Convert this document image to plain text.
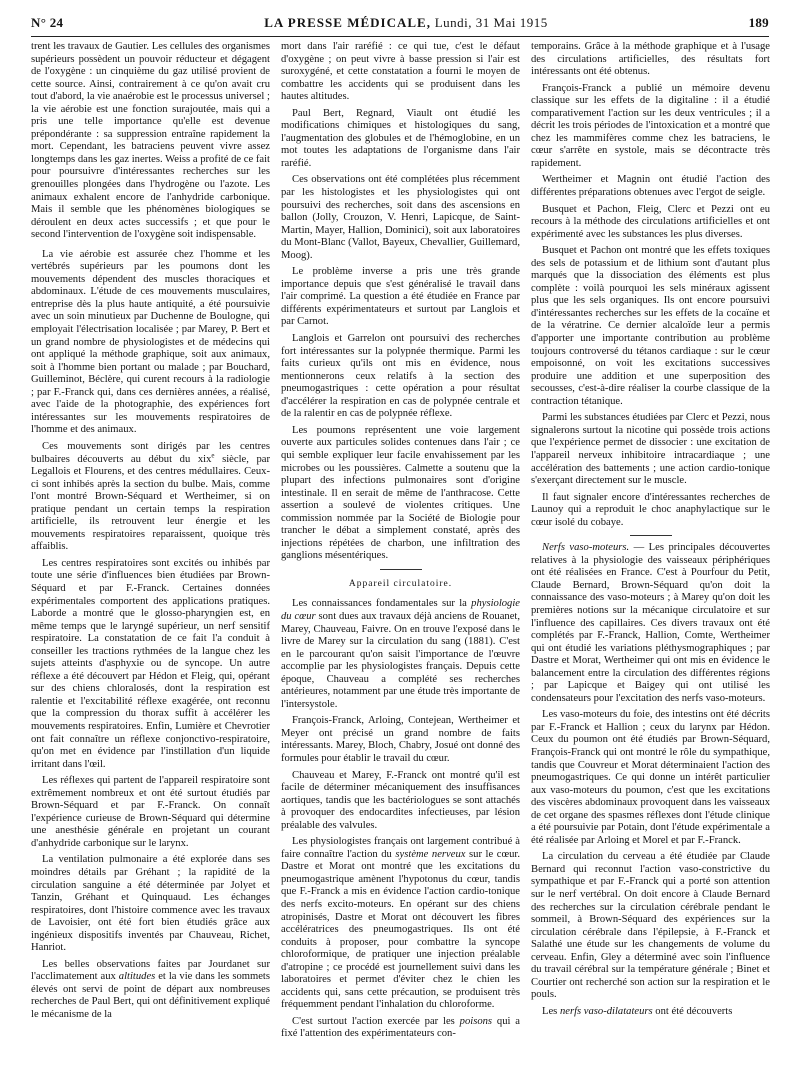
N° 24	LA PRESSE MÉDICALE, Lundi, 31 Mai 1915	189

trent les travaux de Gautier. Les cellules des organismes supérieurs possèdent un pouvoir réducteur et dégagent de l'oxygène : un cinquième du gaz utilisé provient de cette source. Ainsi, contrairement à ce qu'on avait cru tout d'abord, la vie anaérobie est le processus universel ; la vie aérobie est une fonction surajoutée, mais qui a pris une telle importance qu'elle est devenue prépondérante : sa suppression entraîne rapidement la mort. Cependant, les batraciens peuvent vivre assez longtemps dans les gaz inertes. Weiss a profité de ce fait pour poursuivre d'intéressantes recherches sur les grenouilles plongées dans l'hydrogène ou l'azote. Les animaux exhalent encore de l'anhydride carbonique. Mais il semble que les phénomènes biologiques se déroulent en deux actes successifs ; et que pour le second l'intervention de l'oxygène soit indispensable.

La vie aérobie est assurée chez l'homme et les vertébrés supérieurs par les poumons dont les mouvements dépendent des muscles thoraciques et abdominaux. L'étude de ces mouvements musculaires, entreprise dès la plus haute antiquité, a été poursuivie avec un soin minutieux par Duchenne de Boulogne, qui employait l'électrisation localisée ; par Marey, P. Bert et un grand nombre de physiologistes et de médecins qui ont appliqué la méthode graphique, soit aux animaux, soit à l'homme bien portant ou malade ; par Bouchard, Guilleminot, Béclère, qui curent recours à la radiologie ; par F.-Franck qui, dans ces dernières années, a réalisé, avec l'aide de la photographie, des expériences fort intéressantes sur les mouvements respiratoires de l'homme et des animaux.

Ces mouvements sont dirigés par les centres bulbaires découverts au début du xix$^e$ siècle, par Legallois et Flourens, et des centres médullaires. Ceux-ci sont inhibés après la section du bulbe. Mais, comme l'ont montré Brown-Séquard et Wertheimer, si on pratique pendant un certain temps la respiration artificielle, ils retrouvent leur énergie et les mouvements respiratoires reparaissent, quoique très affaiblis.

Les centres respiratoires sont excités ou inhibés par toute une série d'influences bien étudiées par Brown-Séquard et par F.-Franck. Certaines données expérimentales comportent des applications pratiques. Laborde a montré que le glosso-pharyngien est, en même temps que le laryngé supérieur, un nerf sensitif respiratoire. La constatation de ce fait l'a conduit à conseiller les tractions rythmées de la langue chez les sujets atteints d'asphyxie ou de syncope. Un autre réflexe a été découvert par Hédon et Fleig, qui, opérant sur des chiens chloralosés, dont la respiration est ralentie et l'excitabilité réflexe exagérée, ont reconnu que la compression du thorax suffit à accélérer les mouvements respiratoires. Enfin, Lumière et Chevrotier ont fait connaître un réflexe conjonctivo-respiratoire, qu'on met en évidence par l'instillation d'un liquide irritant dans l'œil.

Les réflexes qui partent de l'appareil respiratoire sont extrêmement nombreux et ont été surtout étudiés par Brown-Séquard et par F.-Franck. On connaît l'expérience curieuse de Brown-Séquard qui détermine une anesthésie générale en projetant un courant d'anhydride carbonique sur le larynx.

La ventilation pulmonaire a été explorée dans ses moindres détails par Gréhant ; la rapidité de la circulation sanguine a été déterminée par Jolyet et Tanzin, Gréhant et Quinquaud. Les échanges respiratoires, dont l'histoire commence avec les travaux de Lavoisier, ont été fort bien étudiés grâce aux ingénieux dispositifs inventés par Chauveau, Richet, Hanriot.

Les belles observations faites par Jourdanet sur l'acclimatement aux altitudes et la vie dans les sommets élevés ont servi de point de départ aux nombreuses recherches de Paul Bert, qui ont définitivement expliqué le mécanisme de la

mort dans l'air raréfié : ce qui tue, c'est le défaut d'oxygène ; on peut vivre à basse pression si l'air est suroxygéné, et cette constatation a fourni le moyen de combattre les accidents qui se produisent dans les hautes altitudes.

Paul Bert, Regnard, Viault ont étudié les modifications chimiques et histologiques du sang, l'augmentation des globules et de l'hémoglobine, en un mot toutes les adaptations de l'organisme dans l'air raréfié.

Ces observations ont été complétées plus récemment par les histologistes et les physiologistes qui ont poursuivi des recherches, soit dans des ascensions en ballon (Jolly, Crouzon, V. Henri, Lapicque, de Saint-Martin, Mayer, Hallion, Dominici), soit aux laboratoires du Mont-Blanc (Vallot, Bayeux, Chevallier, Guillemard, Moog).

Le problème inverse a pris une très grande importance depuis que s'est généralisé le travail dans l'air comprimé. La question a été étudiée en France par différents expérimentateurs et surtout par Langlois et par Carnot.

Langlois et Garrelon ont poursuivi des recherches fort intéressantes sur la polypnée thermique. Parmi les faits curieux qu'ils ont mis en évidence, nous mentionnerons ceux relatifs à la section des pneumogastriques : cette opération a pour résultat d'accélérer la respiration en cas de polypnée centrale et de la ralentir en cas de polypnée réflexe.

Les poumons représentent une voie largement ouverte aux particules solides contenues dans l'air ; ce qui semble expliquer leur facile envahissement par les microbes ou les poussières. Calmette a soutenu que la plupart des infections pulmonaires sont d'origine intestinale. Il en serait de même de l'anthracose. Cette assertion a soulevé de violentes critiques. Une commission nommée par la Société de Biologie pour trancher le débat a simplement constaté, après des injections répétées de charbon, une infiltration des ganglions mésentériques.

Appareil circulatoire.

Les connaissances fondamentales sur la physiologie du cœur sont dues aux travaux déjà anciens de Rouanet, Marey, Chauveau, Faivre. On en trouve l'exposé dans le livre de Marey sur la circulation du sang (1881). C'est en le parcourant qu'on saisit l'importance de l'œuvre accomplie par les physiologistes français. Depuis cette époque, Chauveau a complété ses recherches antérieures, notamment par une étude très importante de l'intersystole.

François-Franck, Arloing, Contejean, Wertheimer et Meyer ont précisé un grand nombre de faits intéressants. Marey, Bloch, Chabry, Josué ont donné des formules pour établir le travail du cœur.

Chauveau et Marey, F.-Franck ont montré qu'il est facile de déterminer mécaniquement des insuffisances aortiques, tandis que les bactériologues se sont attachés à provoquer des endocardites infectieuses, par lésion préalable des valvules.

Les physiologistes français ont largement contribué à faire connaître l'action du système nerveux sur le cœur. Dastre et Morat ont montré que les excitations du pneumogastrique amènent l'hypotonus du cœur, tandis que F.-Franck a mis en évidence l'action cardio-tonique des nerfs excito-moteurs. En opérant sur des chiens atropinisés, Dastre et Morat ont découvert les fibres accélératrices des pneumogastriques. Ils ont été conduits à proposer, pour combattre la syncope chloroformique, de pratiquer une injection préalable d'atropine ; ce procédé est journellement suivi dans les laboratoires et permet d'éviter chez le chien les accidents qui, sans cette précaution, se produisent très fréquemment pendant l'inhalation du chloroforme.

C'est surtout l'action exercée par les poisons qui a fixé l'attention des expérimentateurs con-

temporains. Grâce à la méthode graphique et à l'usage des circulations artificielles, des résultats fort intéressants ont été obtenus.

François-Franck a publié un mémoire devenu classique sur les effets de la digitaline : il a étudié comparativement l'action sur les deux ventricules ; il a décrit les trois périodes de l'intoxication et a montré que chez les mammifères comme chez les batraciens, le cœur s'arrête en systole, mais se décontracte très rapidement.

Wertheimer et Magnin ont étudié l'action des différentes préparations obtenues avec l'ergot de seigle.

Busquet et Pachon, Fleig, Clerc et Pezzi ont eu recours à la méthode des circulations artificielles et ont expérimenté avec les substances les plus diverses.

Busquet et Pachon ont montré que les effets toxiques des sels de potassium et de lithium sont d'autant plus marqués que la dissociation des éléments est plus complète : voilà pourquoi les sels minéraux agissent plus que les sels organiques. Ils ont encore poursuivi d'intéressantes recherches sur les effets de la cocaïne et de la vératrine. Ce dernier alcaloïde leur a permis d'apporter une importante contribution au problème toujours controversé du tétanos cardiaque : sur le cœur empoisonné, on voit les excitations successives produire une addition et une superposition des secousses, c'est-à-dire réaliser la courbe classique de la contraction tétanique.

Parmi les substances étudiées par Clerc et Pezzi, nous signalerons surtout la nicotine qui possède trois actions que l'expérience permet de dissocier : une excitation de l'appareil nerveux inhibitoire intracardiaque ; une accélération des battements ; une action cardio-tonique s'exerçant directement sur le muscle.

Il faut signaler encore d'intéressantes recherches de Launoy qui a reproduit le choc anaphylactique sur le cœur isolé du cobaye.

Nerfs vaso-moteurs. — Les principales découvertes relatives à la physiologie des vaisseaux périphériques ont été réalisées en France. C'est à Pourfour du Petit, Claude Bernard, Brown-Séquard qu'on doit la connaissance des vaso-moteurs ; à Marey qu'on doit les premières notions sur la mécanique circulatoire et sur l'influence des capillaires. Ces divers travaux ont été complétés par F.-Franck, Hallion, Comte, Wertheimer qui ont étudié les variations pléthysmographiques ; par Dastre et Morat, Wertheimer qui ont mis en évidence le balancement entre la circulation des différentes régions ; par Lapicque et Baigey qui ont utilisé les condensateurs pour l'excitation des nerfs vaso-moteurs.

Les vaso-moteurs du foie, des intestins ont été décrits par F.-Franck et Hallion ; ceux du larynx par Hédon. Ceux du poumon ont été étudiés par Brown-Séquard, François-Franck qui ont montré le rôle du sympathique, tandis que Couvreur et Morat déterminaient l'action des pneumogastriques. Ce qui donne un intérêt particulier aux vaso-moteurs du poumon, c'est que les excitations des viscères abdominaux provoquent dans les vaisseaux de cet organe des spasmes réflexes dont l'étude clinique a été poursuivie par Potain, dont l'étude expérimentale a été réalisée par Arloing et Morel et par F.-Franck.

La circulation du cerveau a été étudiée par Claude Bernard qui reconnut l'action vaso-constrictive du sympathique et par F.-Franck qui a porté son attention sur le nerf vertébral. On doit encore à Claude Bernard des recherches sur la circulation cérébrale pendant le sommeil, à Brown-Séquard des expériences sur la circulation cérébrale dans l'épilepsie, à F.-Franck et Salathé une étude sur les changements de volume du cerveau. Enfin, Gley a déterminé avec soin l'influence du travail cérébral sur la température générale ; Binet et Courtier ont recherché son action sur la respiration et le pouls.

Les nerfs vaso-dilatateurs ont été découverts
